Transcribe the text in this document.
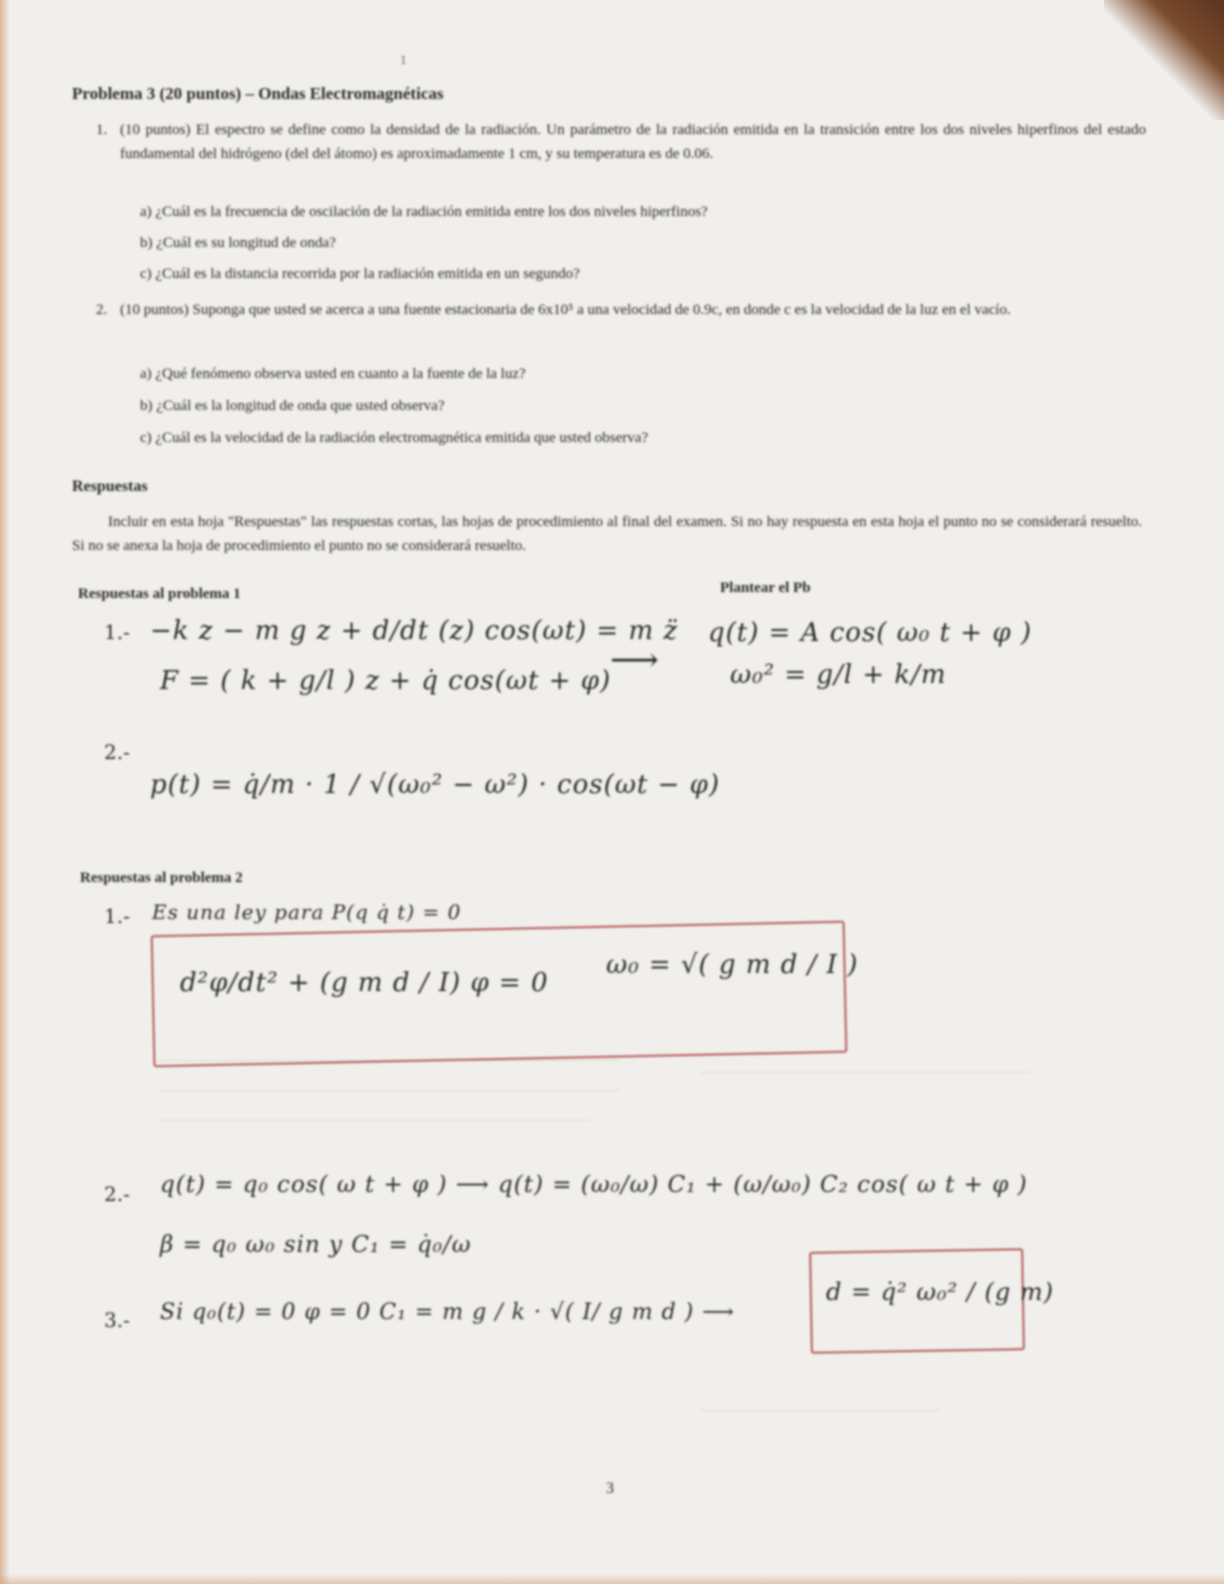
1
Problema 3 (20 puntos) – Ondas Electromagnéticas
1. (10 puntos) El espectro se define como la densidad de la radiación. Un parámetro de la radiación emitida en la transición entre los dos niveles hiperfinos del estado fundamental del hidrógeno (del del átomo) es aproximadamente 1 cm, y su temperatura es de 0.06.
a) ¿Cuál es la frecuencia de oscilación de la radiación emitida entre los dos niveles hiperfinos?
b) ¿Cuál es su longitud de onda?
c) ¿Cuál es la distancia recorrida por la radiación emitida en un segundo?
2. (10 puntos) Suponga que usted se acerca a una fuente estacionaria de 6x10⁵ a una velocidad de 0.9c, en donde c es la velocidad de la luz en el vacío.
a) ¿Qué fenómeno observa usted en cuanto a la fuente de la luz?
b) ¿Cuál es la longitud de onda que usted observa?
c) ¿Cuál es la velocidad de la radiación electromagnética emitida que usted observa?
Respuestas
Incluir en esta hoja "Respuestas" las respuestas cortas, las hojas de procedimiento al final del examen. Si no hay respuesta en esta hoja el punto no se considerará resuelto. Si no se anexa la hoja de procedimiento el punto no se considerará resuelto.
Respuestas al problema 1	Plantear el Pb
1.- −k z − m g z + d/dt (z) cos(ωt) = m z̈
F = ( k + g/l ) z + q̇ cos(ωt + φ)
⟶
q(t) = A cos( ω₀ t + φ )
ω₀² = g/l + k/m
2.-
p(t) = q̇/m · 1 / √(ω₀² − ω²) · cos(ωt − φ)
Respuestas al problema 2
1.- Es una ley para P(q q̇ t) = 0
d²φ/dt² + (g m d / I) φ = 0
ω₀ = √( g m d / I )
2.- q(t) = q₀ cos( ω t + φ ) ⟶ q(t) = (ω₀/ω) C₁ + (ω/ω₀) C₂ cos( ω t + φ )
β = q₀ ω₀ sin y C₁ = q̇₀/ω
3.- Si q₀(t) = 0 φ = 0 C₁ = m g / k · √( I/ g m d ) ⟶
d = q̇² ω₀² / (g m)
3
